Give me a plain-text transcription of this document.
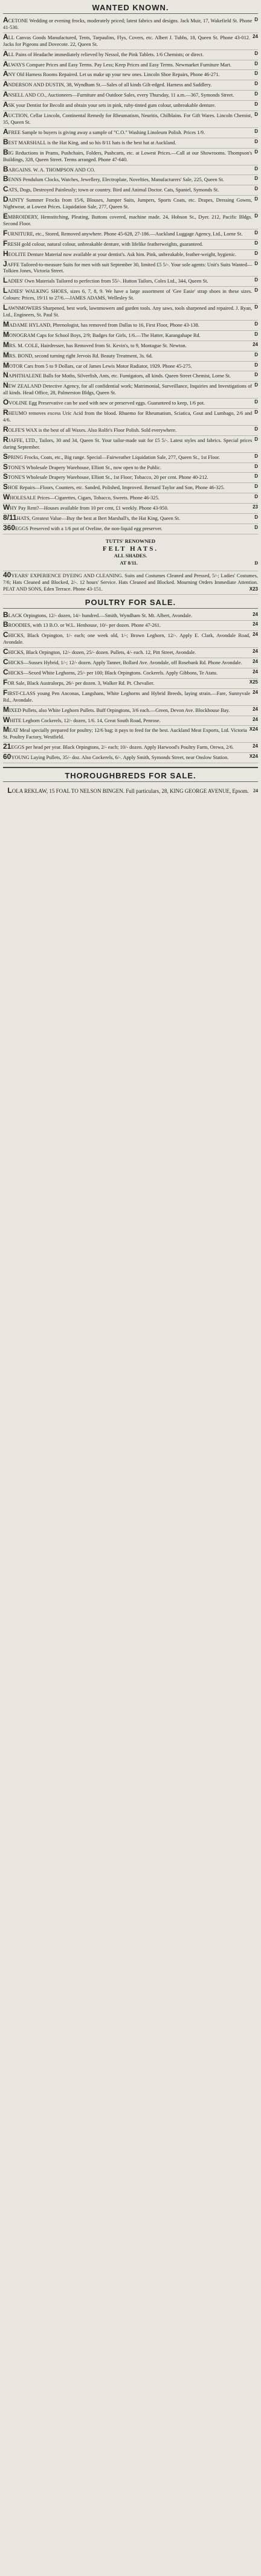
WANTED KNOWN.
D
ACETONE Wedding or evening frocks, moderately priced; latest fabrics and designs. Jack Muir, 17, Wakefield St. Phone 41-530.
24
ALL Canvas Goods Manufactured, Tents, Tarpaulins, Flys, Covers, etc. Albert J. Tubbs, 18, Queen St. Phone 43-012. Jacks for Pigeons and Dovecote. 22, Queen St.
D
ALL Pains of Headache immediately relieved by Nessol, the Pink Tablets. 1/6 Chemists; or direct.
D
ALWAYS Compare Prices and Easy Terms. Pay Less; Keep Prices and Easy Terms. Newmarket Furniture Mart.
D
ANY Old Harness Rooms Repaired. Let us make up your new ones. Lincoln Shoe Repairs, Phone 46-271.
D
ANDERSON AND DUSTIN, 38, Wyndham St.—Sales of all kinds Gilt-edged. Harness and Saddlery.
D
ANSELL AND CO., Auctioneers—Furniture and Outdoor Sales, every Thursday, 11 a.m.—367, Symonds Street.
D
ASK your Dentist for Becolit and obtain your sets in pink, ruby-tinted gum colour, unbreakable denture.
D
AUCTION, Cellar Lincoln, Continental Remedy for Rheumatism, Neuritis, Chilblains. For Gift Wares. Lincoln Chemist, 35, Queen St.
D
AFREE Sample to buyers is giving away a sample of "C.O." Washing Linoleum Polish. Prices 1/9.
D
BEST MARSHALL is the Hat King, and so his 8/11 hats is the best hat at Auckland.
D
BIG Reductions in Prams, Pushchairs, Folders, Pushcarts, etc. at Lowest Prices.—Call at our Showrooms. Thompson's Buildings, 328, Queen Street. Terms arranged. Phone 47-640.
D
BARGAINS. W. A. THOMPSON AND CO.
D
BENNS Pendulum Clocks, Watches, Jewellery, Electroplate, Novelties, Manufacturers' Sale, 225, Queen St.
D
CATS, Dogs, Destroyed Painlessly; town or country. Bird and Animal Doctor. Cats, Spaniel, Symonds St.
D
DAINTY Summer Frocks from 15/6, Blouses, Jumper Suits, Jumpers, Sports Coats, etc. Drapes, Dressing Gowns, Nightwear, at Lowest Prices. Liquidation Sale, 277, Queen St.
D
EMBROIDERY, Hemstitching, Pleating, Buttons covered, machine made. 24, Hobson St., Dyer. 212, Pacific Bldgs. Second Floor.
D
FURNITURE, etc., Stored, Removed anywhere. Phone 45-628, 27-186.—Auckland Luggage Agency, Ltd., Lorne St.
D
FRESH gold colour, natural colour, unbreakable denture, with lifelike featherweights, guaranteed.
D
HEOLITE Denture Material now available at your dentist's. Ask him. Pink, unbreakable, feather-weight, hygienic.
D
JAFFE Tailored-to-measure Suits for men with suit September 30, limited £5 5/-. Your sole agents: Unit's Suits Wanted—Tolkien Jones, Victoria Street.
D
LADIES' Own Materials Tailored to perfection from 55/-. Hutton Tailors, Coles Ltd., 344, Queen St.
D
LADIES' WALKING SHOES, sizes 6, 7, 8, 9. We have a large assortment of 'Gee Easie' strap shoes in these sizes. Colours: Prices, 19/11 to 27/6.—JAMES ADAMS, Wellesley St.
D
LAWNMOWERS Sharpened, best work, lawnmowers and garden tools. Any saws, tools sharpened and repaired. J. Ryan, Ltd., Engineers, St. Paul St.
D
MADAME HYLAND, Phrenologist, has removed from Dallas to 16, First Floor, Phone 43-138.
D
MONOGRAM Caps for School Boys, 2/9; Badges for Girls, 1/6.—The Hatter, Karangahape Rd.
24
MRS. M. COLE, Hairdresser, has Removed from St. Kevin's, to 9, Montague St. Newton.
D
MRS. BOND, second turning right Jervois Rd. Beauty Treatment, 3s. 6d.
D
MOTOR Cars from 5 to 9 Dollars, car of James Lewis Motor Radiator, 1929. Phone 45-275.
D
NAPHTHALENE Balls for Moths, Silverfish, Ants, etc. Fumigators, all kinds. Queen Street Chemist, Lorne St.
D
NEW ZEALAND Detective Agency, for all confidential work; Matrimonial, Surveillance, Inquiries and Investigations of all kinds. Head Office, 28, Palmerston Bldgs, Queen St.
D
OVOLINE Egg Preservative can be used with new or preserved eggs. Guaranteed to keep, 1/6 pot.
D
RHEUMO removes excess Uric Acid from the blood. Rhuemo for Rheumatism, Sciatica, Gout and Lumbago, 2/6 and 4/6.
D
ROLFE'S WAX is the best of all Waxes. Also Rolfe's Floor Polish. Sold everywhere.
D
RJAFFE, LTD., Tailors, 30 and 34, Queen St. Your tailor-made suit for £5 5/-. Latest styles and fabrics. Special prices during September.
D
SPRING Frocks, Coats, etc., Big range. Special—Fairweather Liquidation Sale, 277, Queen St., 1st Floor.
D
STONE'S Wholesale Drapery Warehouse, Elliott St., now open to the Public.
D
STONE'S Wholesale Drapery Warehouse, Elliott St., 1st Floor; Tobacco, 20 per cent. Phone 40-212.
D
SHOE Repairs—Floors, Counters, etc. Sanded, Polished, Improved. Bernard Taylor and Son, Phone 46-325.
D
WHOLESALE Prices—Cigarettes, Cigars, Tobacco, Sweets. Phone 46-325.
23
WHY Pay Rent?—Houses available from 10 per cent, £1 weekly. Phone 43-950.
D
8/11HATS, Greatest Value—Buy the best at Bert Marshall's, the Hat King, Queen St.
D
360EGGS Preserved with a 1/6 pot of Oveline, the non-liquid egg preserver.
TUTTS' RENOWNED
FELT HATS.
ALL SHADES.
AT 8/11.	D
40YEARS' EXPERIENCE DYEING AND CLEANING. Suits and Costumes Cleaned and Pressed, 5/-; Ladies' Costumes, 7/6; Hats Cleaned and Blocked, 2/-. 12 hours' Service. Hats Cleaned and Blocked. Mourning Orders Immediate Attention. PEAT AND SONS, Eden Terrace. Phone 43-151.	X23
POULTRY FOR SALE.
24
BLACK Orpingtons, 12/- dozen, 14/- hundred.—Smith, Wyndham St. Mt. Albert, Avondale.
24
BROODIES, with 13 B.O. or W.L. Henhouse, 10/- per dozen. Phone 47-261.
24
CHICKS, Black Orpington, 1/- each; one week old, 1/-; Brown Leghorn, 12/-. Apply E. Clark, Avondale Road, Avondale.
24
CHICKS, Black Orpington, 12/- dozen, 25/- dozen. Pullets, 4/- each. 12, Pitt Street, Avondale.
24
CHICKS—Sussex Hybrid, 1/-; 12/- dozen. Apply Tanner, Bollard Ave. Avondale, off Rosebank Rd. Phone Avondale.
24
CHICKS—Sexed White Leghorns, 25/- per 100; Black Orpingtons. Cockerels. Apply Gibbons, Te Atatu.
X25
FOR Sale, Black Australorps, 26/- per dozen. 3, Walker Rd. Pt. Chevalier.
24
FIRST-CLASS young Pen Anconas, Langshans, White Leghorns and Hybrid Breeds, laying strain.—Fare, Sunnyvale Rd., Avondale.
24
MIXED Pullets, also White Leghorn Pullets. Buff Orpingtons, 3/6 each.—Green, Devon Ave. Blockhouse Bay.
24
WHITE Leghorn Cockerels, 12/- dozen, 1/6. 14, Great South Road, Penrose.
X24
MEAT Meal specially prepared for poultry; 12/6 bag; it pays to feed for the best. Auckland Meat Exports, Ltd. Victoria St. Poultry Factory, Westfield.
24
21EGGS per head per year. Black Orpingtons, 2/- each; 10/- dozen. Apply Harwood's Poultry Farm, Orewa, 2/6.
X24
60YOUNG Laying Pullets, 35/- doz. Also Cockerels, 6/-. Apply Smith, Symonds Street, near Onslow Station.
THOROUGHBREDS FOR SALE.
LOLA REKLAW, 15 FOAL TO NELSON BINGEN. Full particulars, 28, KING GEORGE AVENUE, Epsom. 24
